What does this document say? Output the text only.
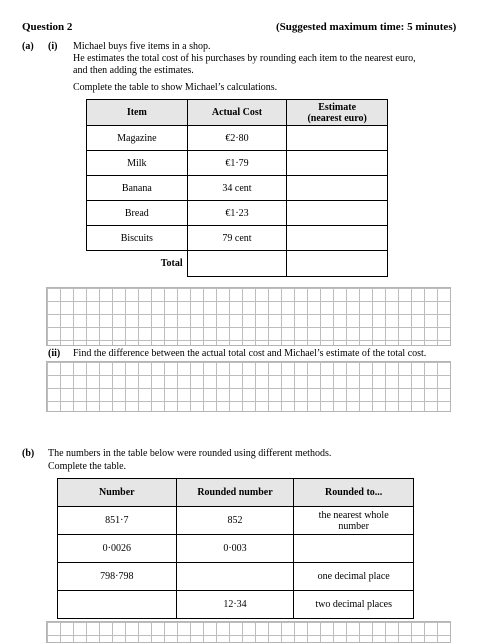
Question 2	(Suggested maximum time: 5 minutes)
(a) (i) Michael buys five items in a shop.
He estimates the total cost of his purchases by rounding each item to the nearest euro,
and then adding the estimates.
Complete the table to show Michael’s calculations.
Item	Actual Cost	Estimate
(nearest euro)

Magazine	€2·80	
Milk	€1·79	
Banana	34 cent	
Bread	€1·23	
Biscuits	79 cent	
Total		
(ii) Find the difference between the actual total cost and Michael’s estimate of the total cost.
(b) The numbers in the table below were rounded using different methods.
Complete the table.
Number	Rounded number	Rounded to...
851·7	852	the nearest whole
number

0·0026	0·003	
798·798		one decimal place
	12·34	two decimal places
